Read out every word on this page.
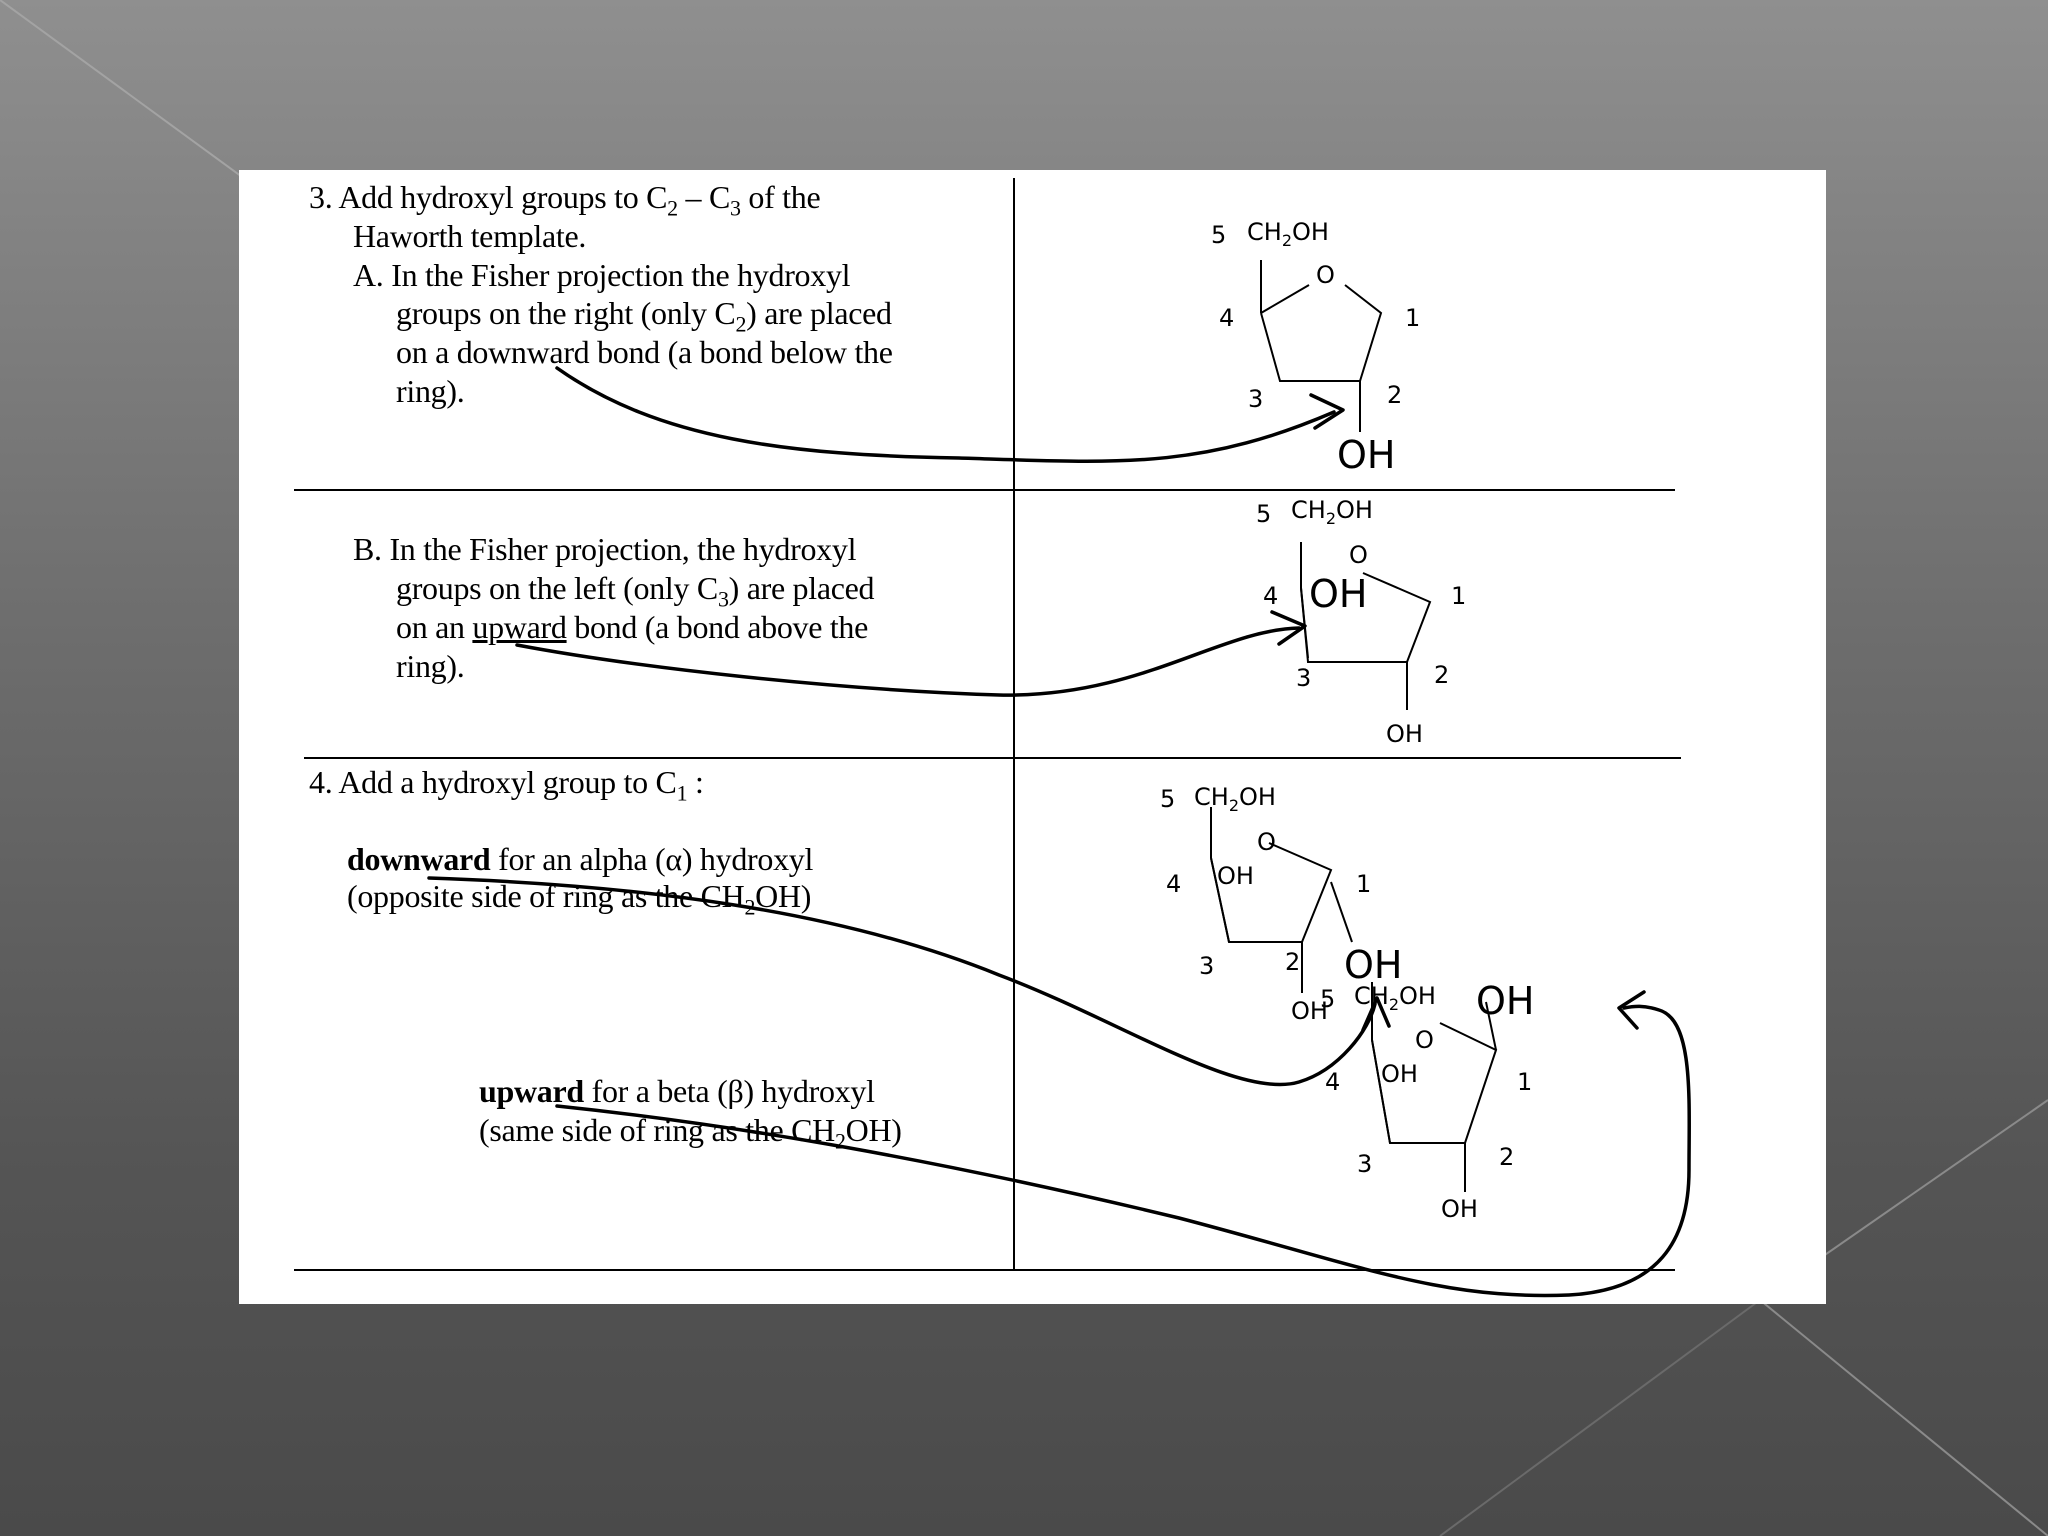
3. Add hydroxyl groups to $C_2 - C_3$ of the
Haworth template.
A. In the Fisher projection the hydroxyl
groups on the right (only $C_2$) are placed
on a downward bond (a bond below the
ring).
B. In the Fisher projection, the hydroxyl
groups on the left (only $C_3$) are placed
on an upward bond (a bond above the
ring).
4. Add a hydroxyl group to $C_1$ :
downward for an alpha (α) hydroxyl
(opposite side of ring as the $CH_2OH$)
upward for a beta (β) hydroxyl
(same side of ring as the $CH_2OH$)
5 $CH_2OH$
O
4	1
3	2
OH
5 $CH_2OH$
O
OH
4	1
3	2
OH
5 $CH_2OH$
O
OH
4	1
3	2 OH
OH
5 $CH_2OH$
O
OH
4	1
3	2
OH
OH
